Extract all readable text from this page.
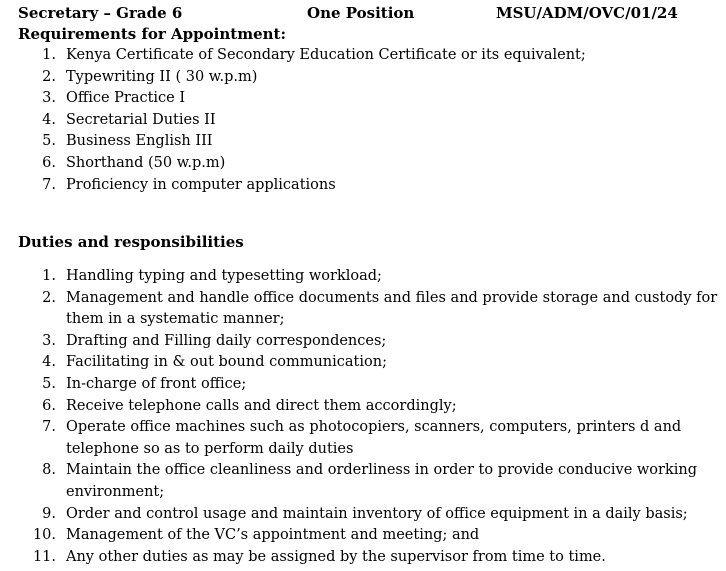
Secretary – Grade 6	One Position	MSU/ADM/OVC/01/24
Requirements for Appointment:
1. Kenya Certificate of Secondary Education Certificate or its equivalent;
2. Typewriting II ( 30 w.p.m)
3. Office Practice I
4. Secretarial Duties II
5. Business English III
6. Shorthand (50 w.p.m)
7. Proficiency in computer applications
Duties and responsibilities
1. Handling typing and typesetting workload;
2. Management and handle office documents and files and provide storage and custody for them in a systematic manner;
3. Drafting and Filling daily correspondences;
4. Facilitating in & out bound communication;
5. In-charge of front office;
6. Receive telephone calls and direct them accordingly;
7. Operate office machines such as photocopiers, scanners, computers, printers d and telephone so as to perform daily duties
8. Maintain the office cleanliness and orderliness in order to provide conducive working environment;
9. Order and control usage and maintain inventory of office equipment in a daily basis;
10. Management of the VC’s appointment and meeting; and
11. Any other duties as may be assigned by the supervisor from time to time.
